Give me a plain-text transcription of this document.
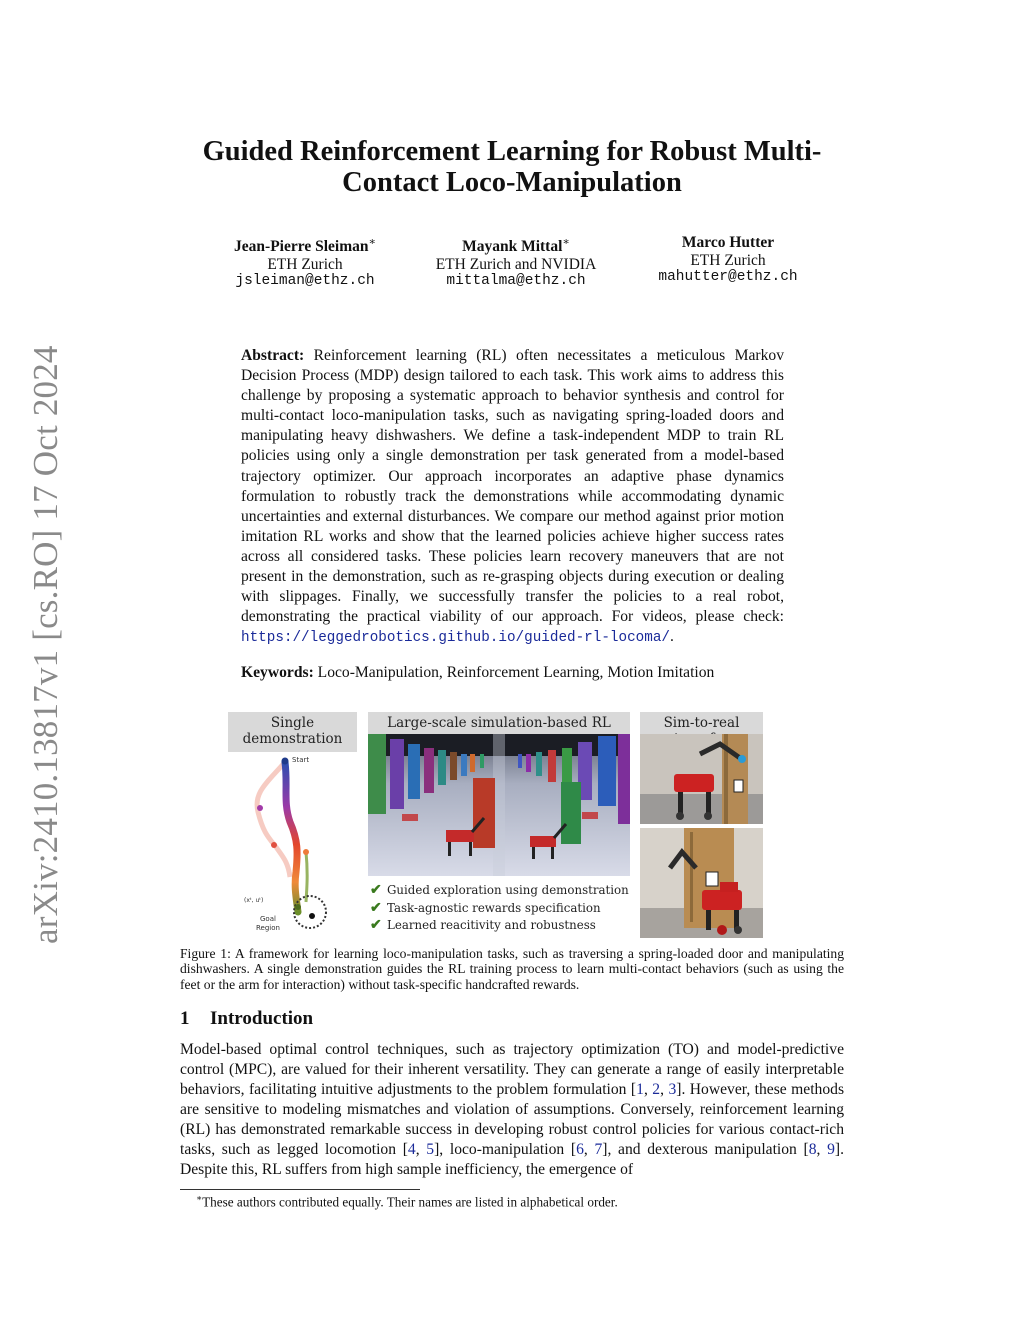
arXiv:2410.13817v1 [cs.RO] 17 Oct 2024
Guided Reinforcement Learning for Robust Multi-Contact Loco-Manipulation
Jean-Pierre Sleiman∗
ETH Zurich
jsleiman@ethz.ch
Mayank Mittal∗
ETH Zurich and NVIDIA
mittalma@ethz.ch
Marco Hutter
ETH Zurich
mahutter@ethz.ch
Abstract: Reinforcement learning (RL) often necessitates a meticulous Markov Decision Process (MDP) design tailored to each task. This work aims to address this challenge by proposing a systematic approach to behavior synthesis and control for multi-contact loco-manipulation tasks, such as navigating spring-loaded doors and manipulating heavy dishwashers. We define a task-independent MDP to train RL policies using only a single demonstration per task generated from a model-based trajectory optimizer. Our approach incorporates an adaptive phase dynamics formulation to robustly track the demonstrations while accommodating dynamic uncertainties and external disturbances. We compare our method against prior motion imitation RL works and show that the learned policies achieve higher success rates across all considered tasks. These policies learn recovery maneuvers that are not present in the demonstration, such as re-grasping objects during execution or dealing with slippages. Finally, we successfully transfer the policies to a real robot, demonstrating the practical viability of our approach. For videos, please check: https://leggedrobotics.github.io/guided-rl-locoma/.
Keywords: Loco-Manipulation, Reinforcement Learning, Motion Imitation
Single demonstration
Large-scale simulation-based RL	Sim-to-real
Start
(xᵗ, uᵗ)
Goal
Region
✔ Guided exploration using demonstration
✔ Task-agnostic rewards specification
✔ Learned reacitivity and robustness
Figure 1: A framework for learning loco-manipulation tasks, such as traversing a spring-loaded door and manipulating dishwashers. A single demonstration guides the RL training process to learn multi-contact behaviors (such as using the feet or the arm for interaction) without task-specific handcrafted rewards.
1 Introduction
Model-based optimal control techniques, such as trajectory optimization (TO) and model-predictive control (MPC), are valued for their inherent versatility. They can generate a range of easily interpretable behaviors, facilitating intuitive adjustments to the problem formulation [1, 2, 3]. However, these methods are sensitive to modeling mismatches and violation of assumptions. Conversely, reinforcement learning (RL) has demonstrated remarkable success in developing robust control policies for various contact-rich tasks, such as legged locomotion [4, 5], loco-manipulation [6, 7], and dexterous manipulation [8, 9]. Despite this, RL suffers from high sample inefficiency, the emergence of
∗These authors contributed equally. Their names are listed in alphabetical order.
